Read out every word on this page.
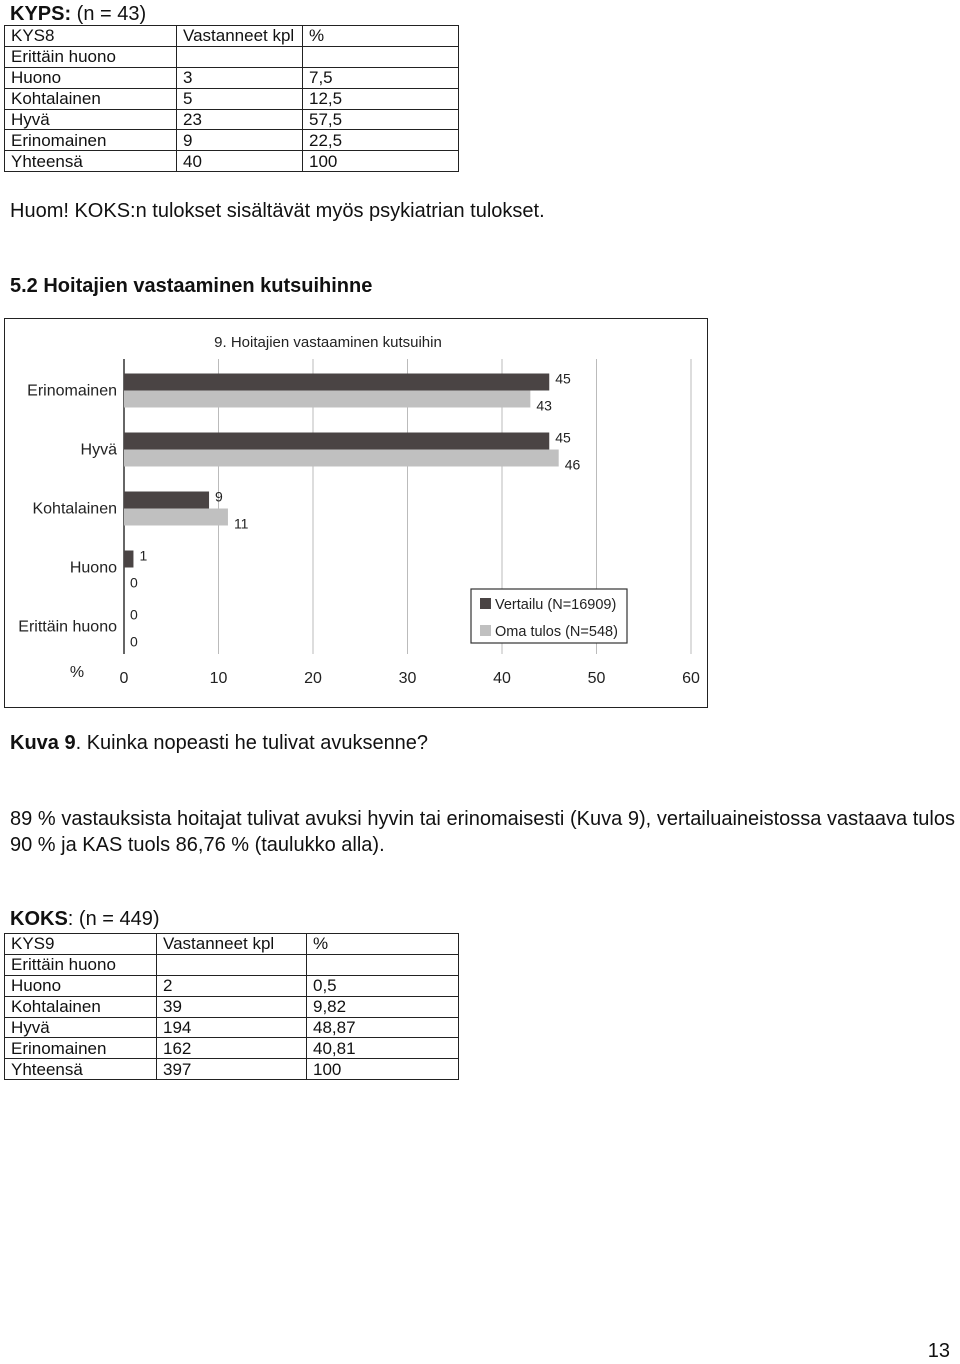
KYPS: (n = 43)
KYS8	Vastanneet kpl	%
Erittäin huono		
Huono	3	7,5
Kohtalainen	5	12,5
Hyvä	23	57,5
Erinomainen	9	22,5
Yhteensä	40	100
Huom! KOKS:n tulokset sisältävät myös psykiatrian tulokset.
5.2 Hoitajien vastaaminen kutsuihinne
9. Hoitajien vastaaminen kutsuihin
Erinomainen
45
43
Hyvä
45
46
Kohtalainen
9
11
Huono
1
0
Erittäin huono
0
0
0	10	20	30	40	50	60
%
Vertailu (N=16909)
Oma tulos (N=548)
Kuva 9. Kuinka nopeasti he tulivat avuksenne?
89 % vastauksista hoitajat tulivat avuksi hyvin tai erinomaisesti (Kuva 9), vertailuaineistossa vastaava tulos 90 % ja KAS tuols 86,76 % (taulukko alla).
KOKS: (n = 449)
KYS9	Vastanneet kpl	%
Erittäin huono		
Huono	2	0,5
Kohtalainen	39	9,82
Hyvä	194	48,87
Erinomainen	162	40,81
Yhteensä	397	100
13
